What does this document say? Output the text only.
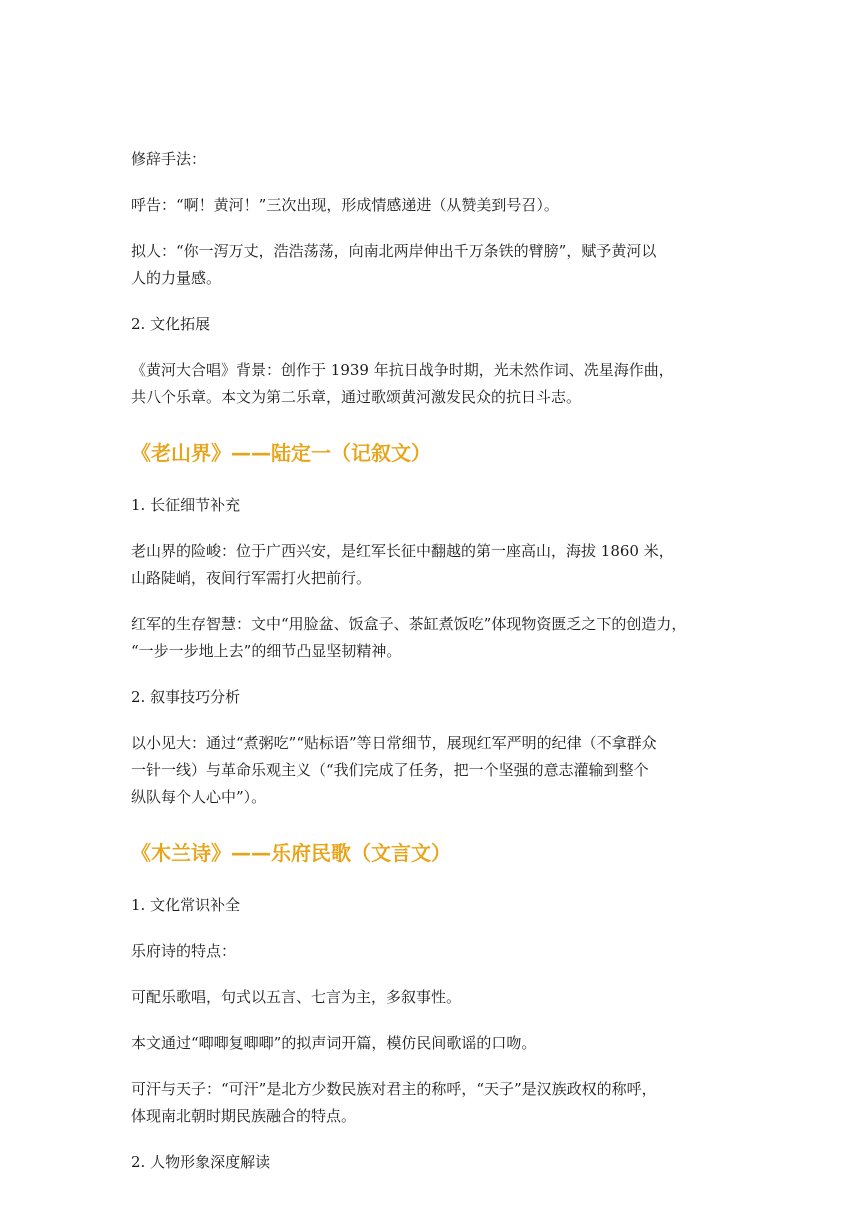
修辞手法：

呼告：“啊！黄河！”三次出现，形成情感递进（从赞美到号召）。

拟人：“你一泻万丈，浩浩荡荡，向南北两岸伸出千万条铁的臂膀”，赋予黄河以

人的力量感。

2. 文化拓展

《黄河大合唱》背景：创作于 1939 年抗日战争时期，光未然作词、冼星海作曲，

共八个乐章。本文为第二乐章，通过歌颂黄河激发民众的抗日斗志。

《老山界》——陆定一（记叙文）

1. 长征细节补充

老山界的险峻：位于广西兴安，是红军长征中翻越的第一座高山，海拔 1860 米，

山路陡峭，夜间行军需打火把前行。

红军的生存智慧：文中“用脸盆、饭盒子、茶缸煮饭吃”体现物资匮乏之下的创造力，

“一步一步地上去”的细节凸显坚韧精神。

2. 叙事技巧分析

以小见大：通过“煮粥吃”“贴标语”等日常细节，展现红军严明的纪律（不拿群众

一针一线）与革命乐观主义（“我们完成了任务，把一个坚强的意志灌输到整个

纵队每个人心中”）。

《木兰诗》——乐府民歌（文言文）

1. 文化常识补全

乐府诗的特点：

可配乐歌唱，句式以五言、七言为主，多叙事性。

本文通过“唧唧复唧唧”的拟声词开篇，模仿民间歌谣的口吻。

可汗与天子：“可汗”是北方少数民族对君主的称呼，“天子”是汉族政权的称呼，

体现南北朝时期民族融合的特点。

2. 人物形象深度解读
